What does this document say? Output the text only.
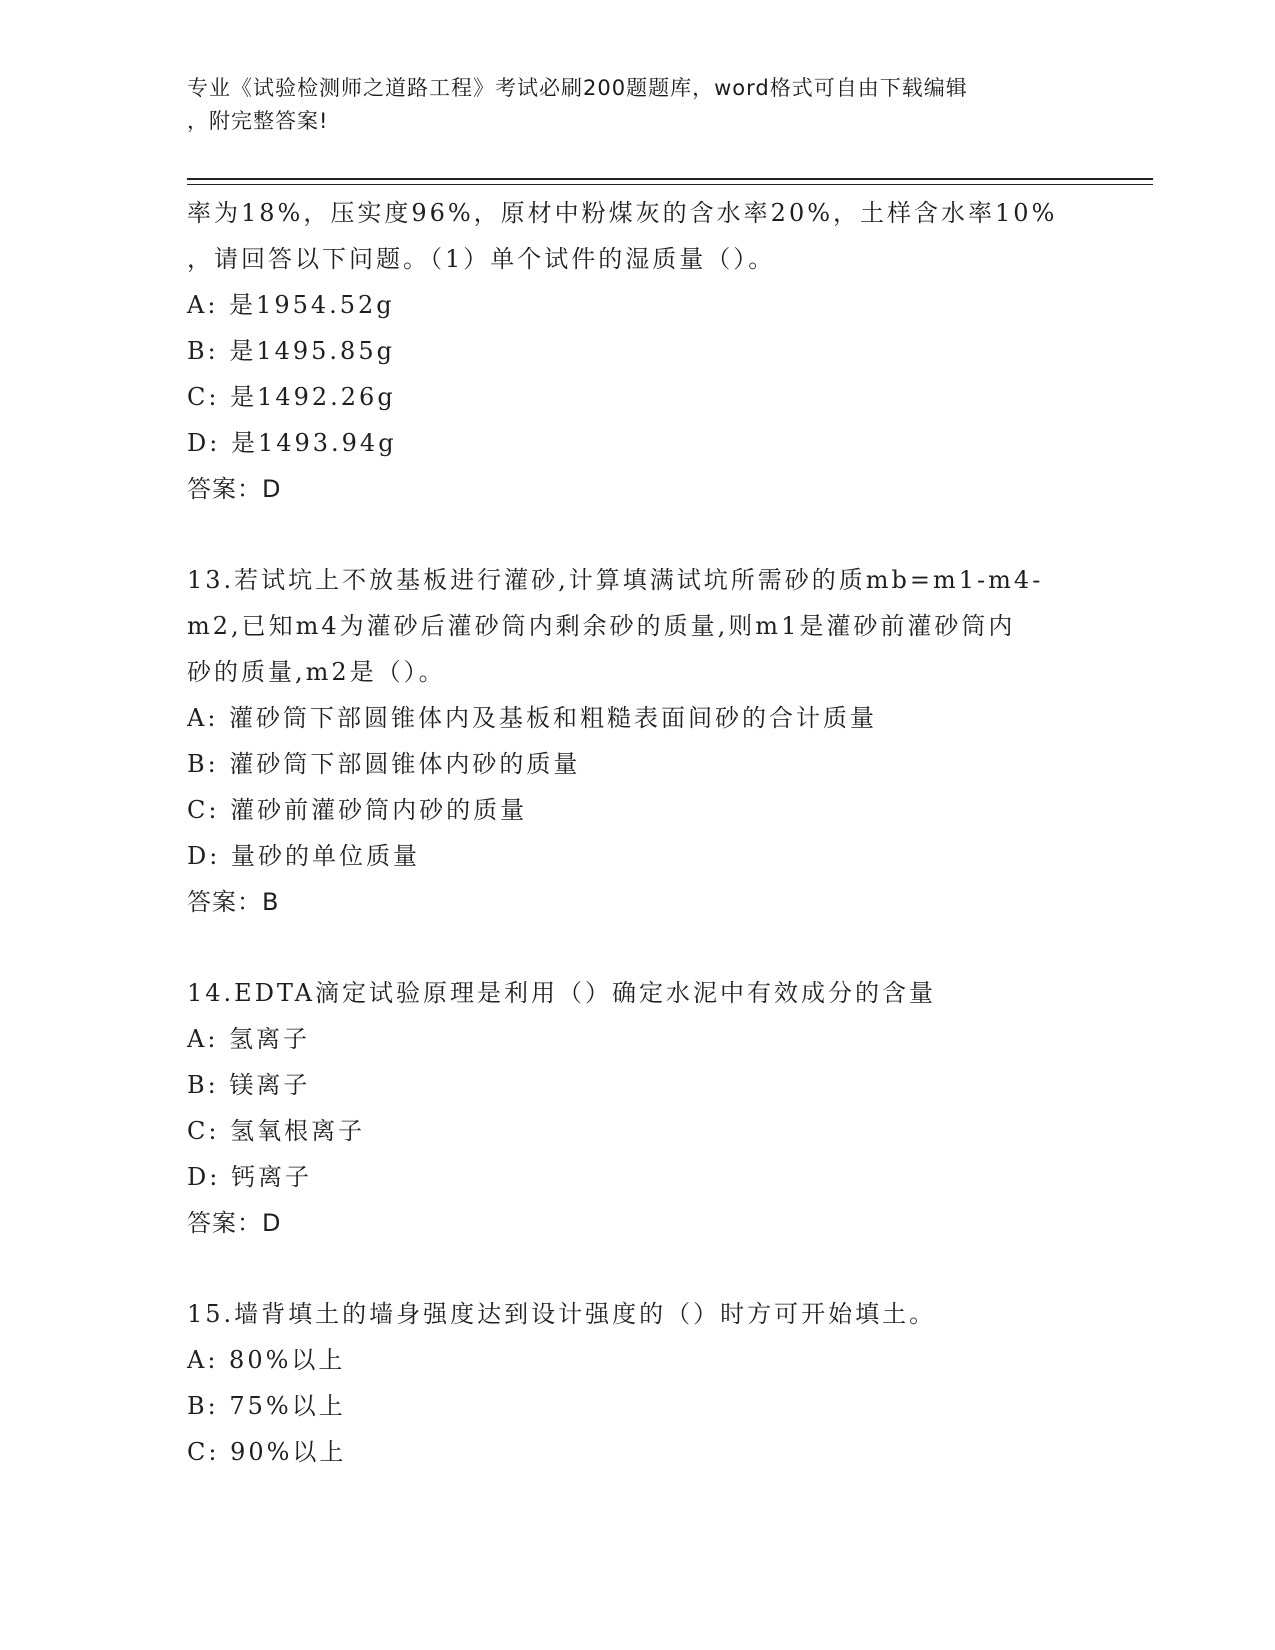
专业《试验检测师之道路工程》考试必刷200题题库，word格式可自由下载编辑
，附完整答案!
率为18%，压实度96%，原材中粉煤灰的含水率20%，土样含水率10%
，请回答以下问题。（1）单个试件的湿质量（）。
A: 是1954.52g
B: 是1495.85g
C: 是1492.26g
D: 是1493.94g
答案：D
13.若试坑上不放基板进行灌砂,计算填满试坑所需砂的质mb=m1-m4-
m2,已知m4为灌砂后灌砂筒内剩余砂的质量,则m1是灌砂前灌砂筒内
砂的质量,m2是（）。
A: 灌砂筒下部圆锥体内及基板和粗糙表面间砂的合计质量
B: 灌砂筒下部圆锥体内砂的质量
C: 灌砂前灌砂筒内砂的质量
D: 量砂的单位质量
答案：B
14.EDTA滴定试验原理是利用（）确定水泥中有效成分的含量
A: 氢离子
B: 镁离子
C: 氢氧根离子
D: 钙离子
答案：D
15.墙背填土的墙身强度达到设计强度的（）时方可开始填土。
A: 80%以上
B: 75%以上
C: 90%以上
